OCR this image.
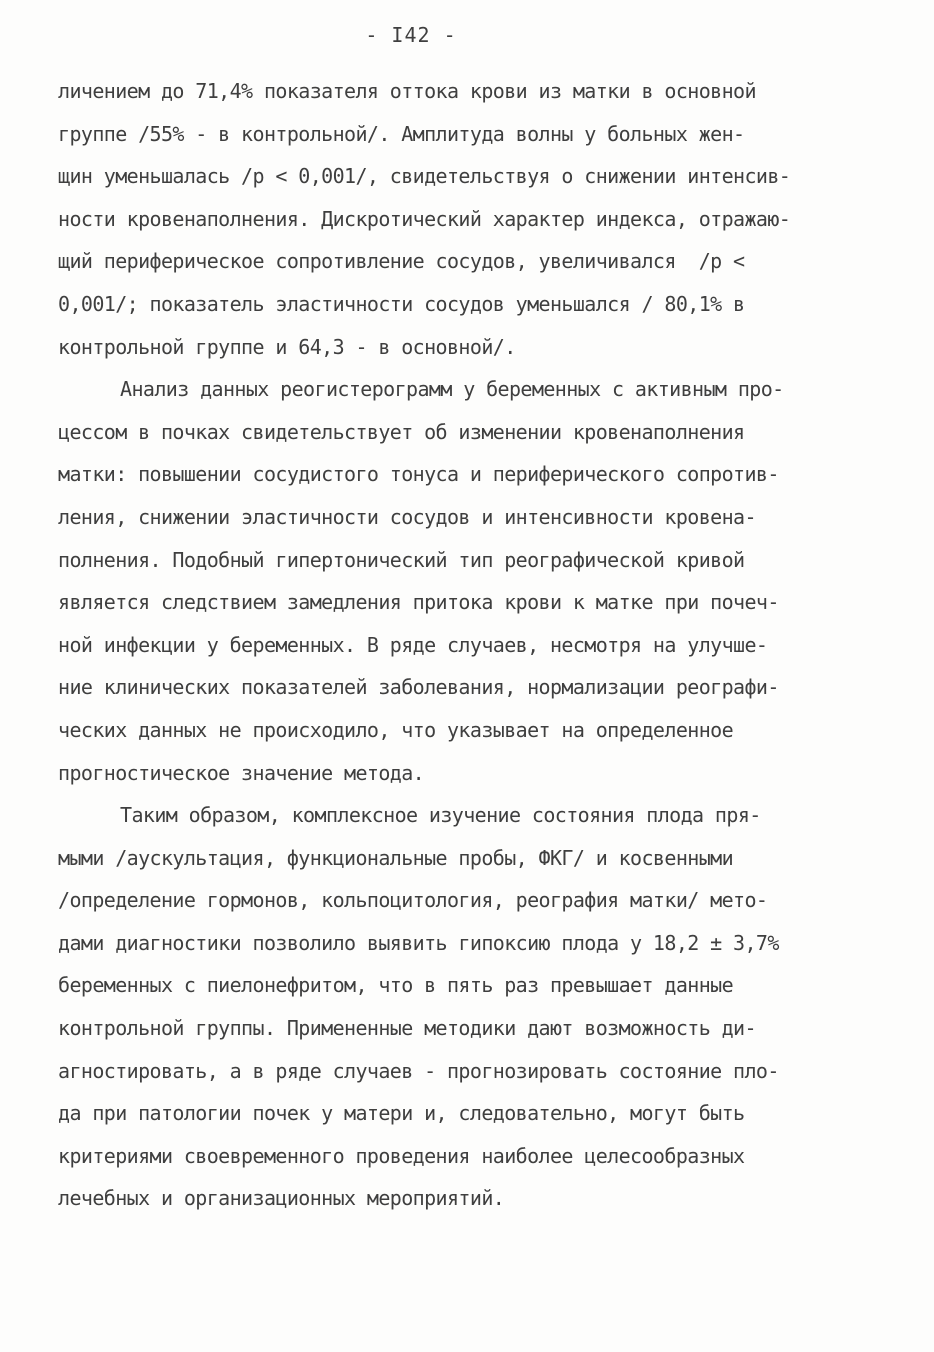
- I42 -
личением до 71,4% показателя оттока крови из матки в основной
группе /55% - в контрольной/. Амплитуда волны у больных жен-
щин уменьшалась /р < 0,001/, свидетельствуя о снижении интенсив-
ности кровенаполнения. Дискротический характер индекса, отражаю-
щий периферическое сопротивление сосудов, увеличивался  /р <
0,001/; показатель эластичности сосудов уменьшался / 80,1% в
контрольной группе и 64,3 - в основной/.
Анализ данных реогистерограмм у беременных с активным про-
цессом в почках свидетельствует об изменении кровенаполнения
матки: повышении сосудистого тонуса и периферического сопротив-
ления, снижении эластичности сосудов и интенсивности кровена-
полнения. Подобный гипертонический тип реографической кривой
является следствием замедления притока крови к матке при почеч-
ной инфекции у беременных. В ряде случаев, несмотря на улучше-
ние клинических показателей заболевания, нормализации реографи-
ческих данных не происходило, что указывает на определенное
прогностическое значение метода.
Таким образом, комплексное изучение состояния плода пря-
мыми /аускультация, функциональные пробы, ФКГ/ и косвенными
/определение гормонов, кольпоцитология, реография матки/ мето-
дами диагностики позволило выявить гипоксию плода у 18,2 ± 3,7%
беременных с пиелонефритом, что в пять раз превышает данные
контрольной группы. Примененные методики дают возможность ди-
агностировать, а в ряде случаев - прогнозировать состояние пло-
да при патологии почек у матери и, следовательно, могут быть
критериями своевременного проведения наиболее целесообразных
лечебных и организационных мероприятий.
